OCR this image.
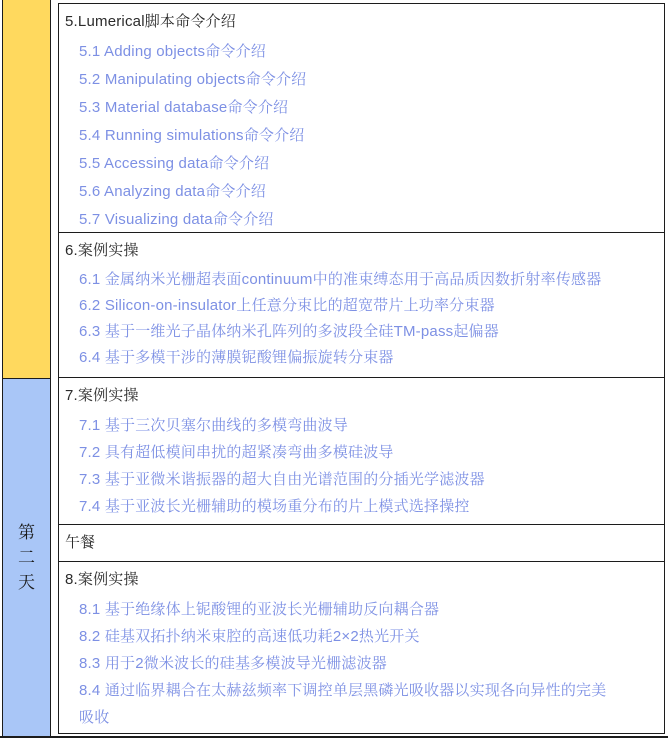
第
二
天
5.Lumerical脚本命令介绍
5.1 Adding objects命令介绍
5.2 Manipulating objects命令介绍
5.3 Material database命令介绍
5.4 Running simulations命令介绍
5.5 Accessing data命令介绍
5.6 Analyzing data命令介绍
5.7 Visualizing data命令介绍
6.案例实操
6.1 金属纳米光栅超表面continuum中的准束缚态用于高品质因数折射率传感器
6.2 Silicon-on-insulator上任意分束比的超宽带片上功率分束器
6.3 基于一维光子晶体纳米孔阵列的多波段全硅TM-pass起偏器
6.4 基于多模干涉的薄膜铌酸锂偏振旋转分束器
7.案例实操
7.1 基于三次贝塞尔曲线的多模弯曲波导
7.2 具有超低模间串扰的超紧凑弯曲多模硅波导
7.3 基于亚微米谐振器的超大自由光谱范围的分插光学滤波器
7.4 基于亚波长光栅辅助的模场重分布的片上模式选择操控
午餐
8.案例实操
8.1 基于绝缘体上铌酸锂的亚波长光栅辅助反向耦合器
8.2 硅基双拓扑纳米束腔的高速低功耗2×2热光开关
8.3 用于2微米波长的硅基多模波导光栅滤波器
8.4 通过临界耦合在太赫兹频率下调控单层黑磷光吸收器以实现各向异性的完美吸收
